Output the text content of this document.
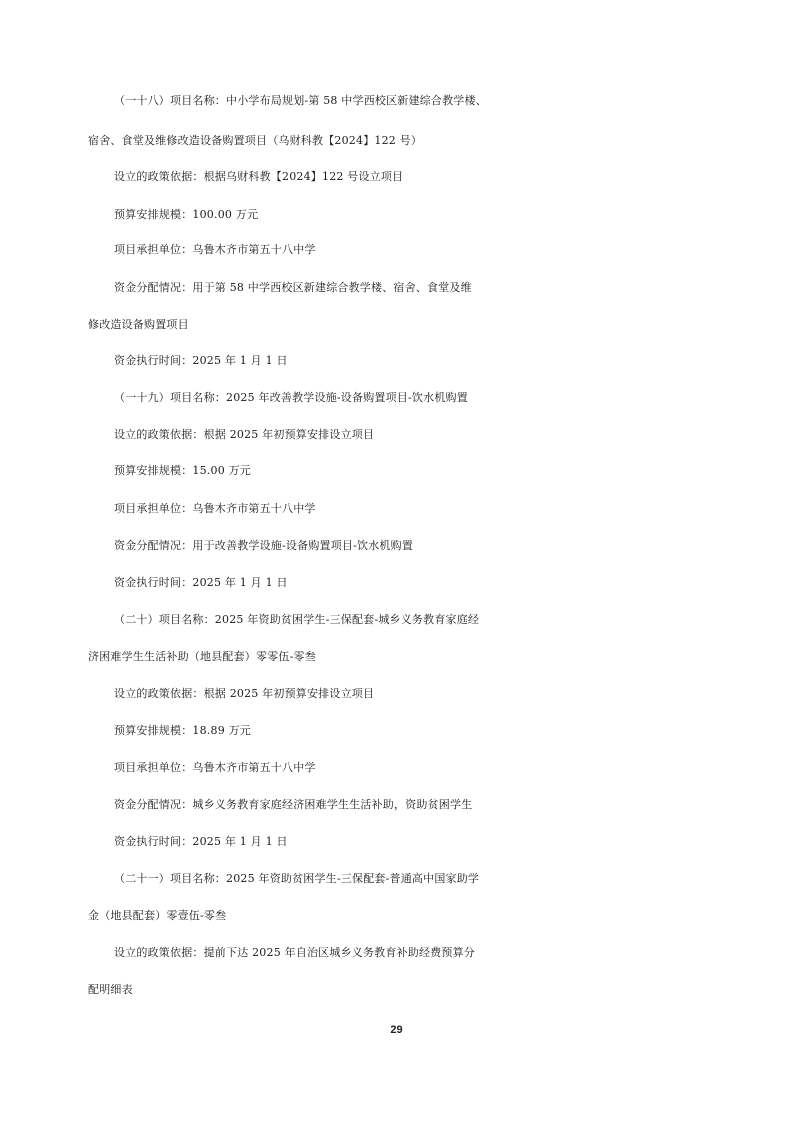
（一十八）项目名称：中小学布局规划-第 58 中学西校区新建综合教学楼、
宿舍、食堂及维修改造设备购置项目（乌财科教【2024】122 号）
设立的政策依据：根据乌财科教【2024】122 号设立项目
预算安排规模：100.00 万元
项目承担单位：乌鲁木齐市第五十八中学
资金分配情况：用于第 58 中学西校区新建综合教学楼、宿舍、食堂及维
修改造设备购置项目
资金执行时间：2025 年 1 月 1 日
（一十九）项目名称：2025 年改善教学设施-设备购置项目-饮水机购置
设立的政策依据：根据 2025 年初预算安排设立项目
预算安排规模：15.00 万元
项目承担单位：乌鲁木齐市第五十八中学
资金分配情况：用于改善教学设施-设备购置项目-饮水机购置
资金执行时间：2025 年 1 月 1 日
（二十）项目名称：2025 年资助贫困学生-三保配套-城乡义务教育家庭经
济困难学生生活补助（地县配套）零零伍-零叁
设立的政策依据：根据 2025 年初预算安排设立项目
预算安排规模：18.89 万元
项目承担单位：乌鲁木齐市第五十八中学
资金分配情况：城乡义务教育家庭经济困难学生生活补助，资助贫困学生
资金执行时间：2025 年 1 月 1 日
（二十一）项目名称：2025 年资助贫困学生-三保配套-普通高中国家助学
金（地县配套）零壹伍-零叁
设立的政策依据：提前下达 2025 年自治区城乡义务教育补助经费预算分
配明细表
29
